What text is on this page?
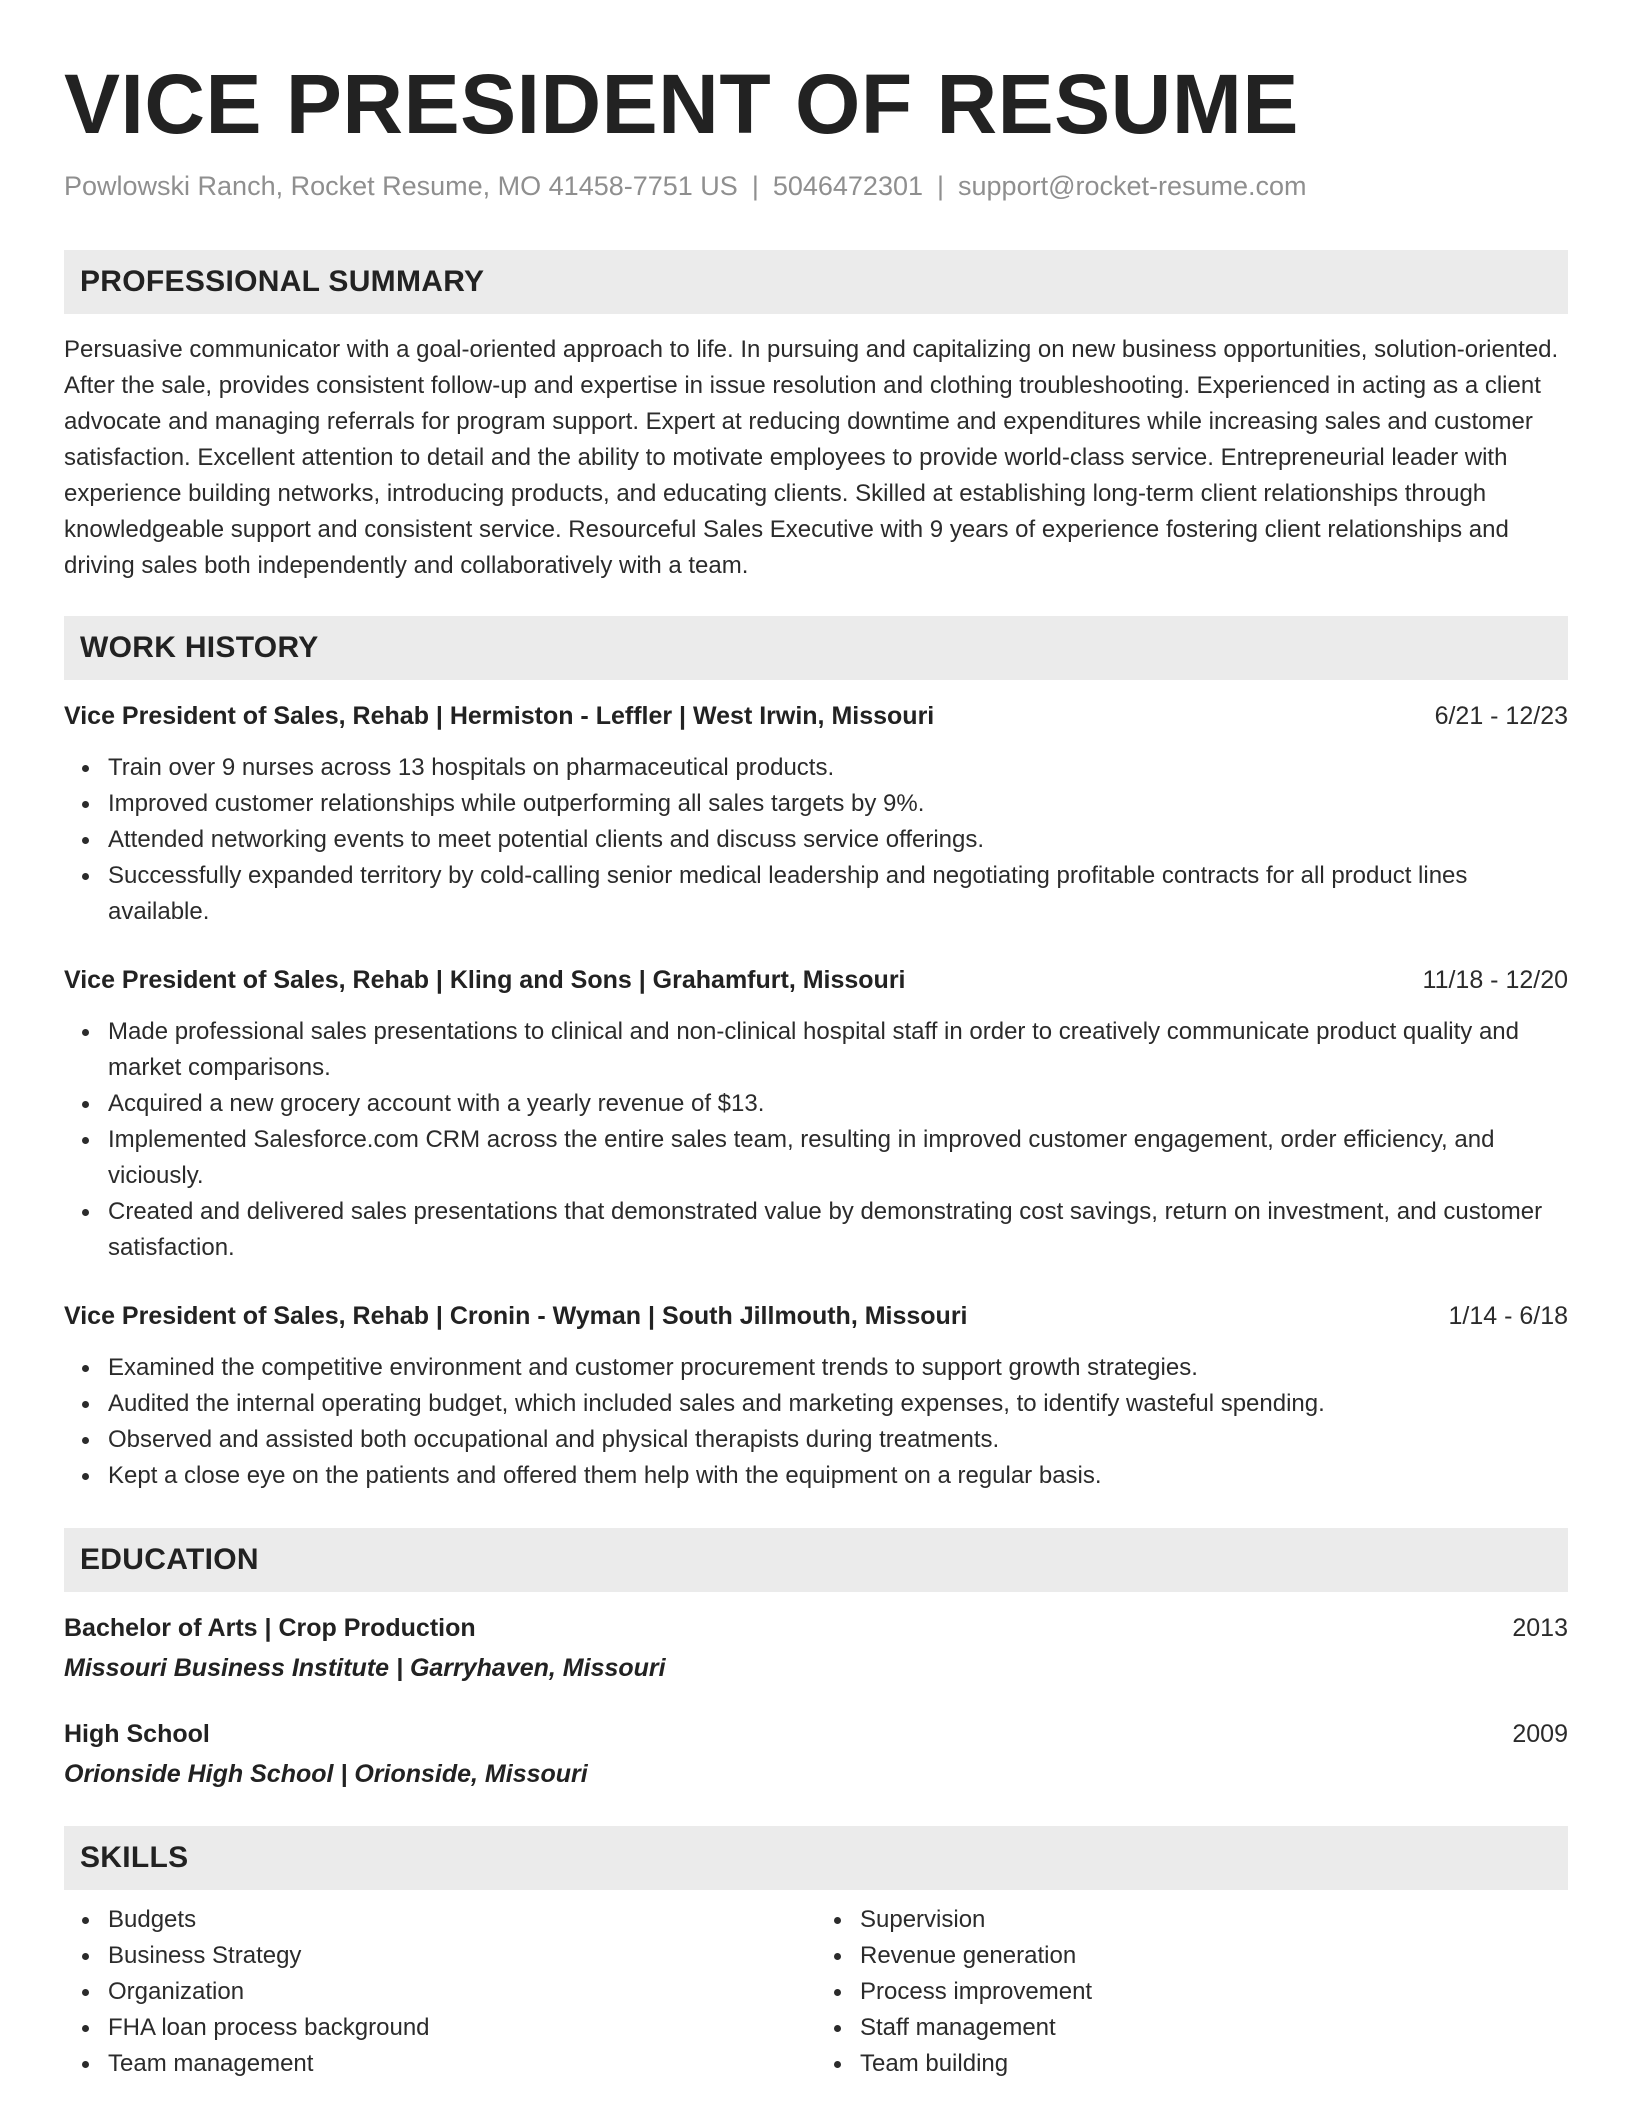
VICE PRESIDENT OF RESUME
Powlowski Ranch, Rocket Resume, MO 41458-7751 US | 5046472301 | support@rocket-resume.com
PROFESSIONAL SUMMARY

Persuasive communicator with a goal-oriented approach to life. In pursuing and capitalizing on new business opportunities, solution-oriented. After the sale, provides consistent follow-up and expertise in issue resolution and clothing troubleshooting. Experienced in acting as a client advocate and managing referrals for program support. Expert at reducing downtime and expenditures while increasing sales and customer satisfaction. Excellent attention to detail and the ability to motivate employees to provide world-class service. Entrepreneurial leader with experience building networks, introducing products, and educating clients. Skilled at establishing long-term client relationships through knowledgeable support and consistent service. Resourceful Sales Executive with 9 years of experience fostering client relationships and driving sales both independently and collaboratively with a team.

WORK HISTORY
Vice President of Sales, Rehab | Hermiston - Leffler | West Irwin, Missouri	6/21 - 12/23
Train over 9 nurses across 13 hospitals on pharmaceutical products.
Improved customer relationships while outperforming all sales targets by 9%.
Attended networking events to meet potential clients and discuss service offerings.
Successfully expanded territory by cold-calling senior medical leadership and negotiating profitable contracts for all product lines available.
Vice President of Sales, Rehab | Kling and Sons | Grahamfurt, Missouri	11/18 - 12/20
Made professional sales presentations to clinical and non-clinical hospital staff in order to creatively communicate product quality and market comparisons.
Acquired a new grocery account with a yearly revenue of $13.
Implemented Salesforce.com CRM across the entire sales team, resulting in improved customer engagement, order efficiency, and viciously.
Created and delivered sales presentations that demonstrated value by demonstrating cost savings, return on investment, and customer satisfaction.
Vice President of Sales, Rehab | Cronin - Wyman | South Jillmouth, Missouri	1/14 - 6/18
Examined the competitive environment and customer procurement trends to support growth strategies.
Audited the internal operating budget, which included sales and marketing expenses, to identify wasteful spending.
Observed and assisted both occupational and physical therapists during treatments.
Kept a close eye on the patients and offered them help with the equipment on a regular basis.
EDUCATION
Bachelor of Arts | Crop Production	2013
Missouri Business Institute | Garryhaven, Missouri
High School	2009
Orionside High School | Orionside, Missouri
SKILLS
Budgets
Business Strategy
Organization
FHA loan process background
Team management
Supervision
Revenue generation
Process improvement
Staff management
Team building
